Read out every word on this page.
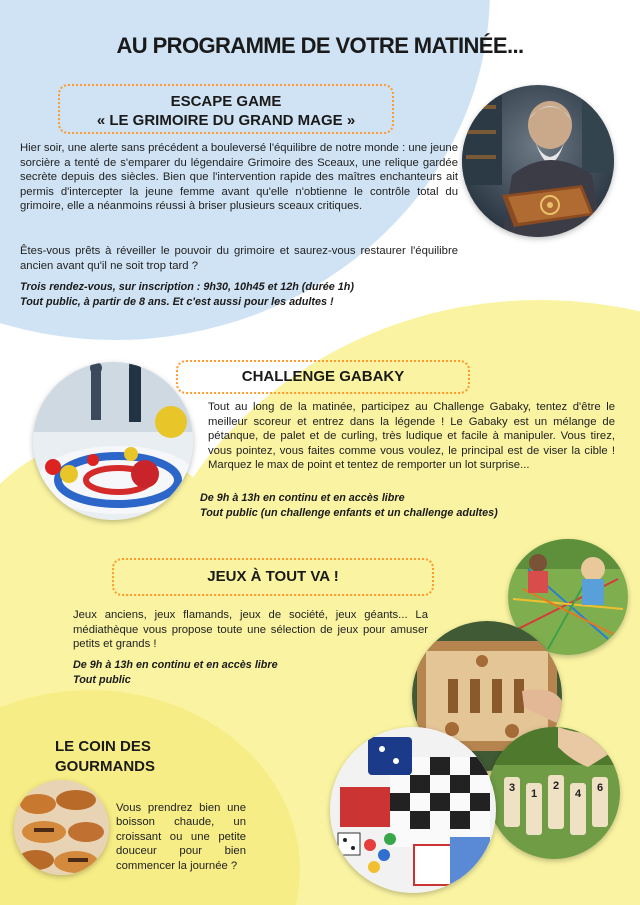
AU PROGRAMME DE VOTRE MATINÉE...
ESCAPE GAME
« LE GRIMOIRE DU GRAND MAGE »
Hier soir, une alerte sans précédent a bouleversé l'équilibre de notre monde : une jeune sorcière a tenté de s'emparer du légendaire Grimoire des Sceaux, une relique gardée secrète depuis des siècles. Bien que l'intervention rapide des maîtres enchanteurs ait permis d'intercepter la jeune femme avant qu'elle n'obtienne le contrôle total du grimoire, elle a néanmoins réussi à briser plusieurs sceaux critiques.
Êtes-vous prêts à réveiller le pouvoir du grimoire et saurez-vous restaurer l'équilibre ancien avant qu'il ne soit trop tard ?
Trois rendez-vous, sur inscription : 9h30, 10h45 et 12h (durée 1h)
Tout public, à partir de 8 ans. Et c'est aussi pour les adultes !
CHALLENGE GABAKY
Tout au long de la matinée, participez au Challenge Gabaky, tentez d'être le meilleur scoreur et entrez dans la légende ! Le Gabaky est un mélange de pétanque, de palet et de curling, très ludique et facile à manipuler. Vous tirez, vous pointez, vous faites comme vous voulez, le principal est de viser la cible ! Marquez le max de point et tentez de remporter un lot surprise...
De 9h à 13h en continu et en accès libre
Tout public (un challenge enfants et un challenge adultes)
JEUX À TOUT VA !
Jeux anciens, jeux flamands, jeux de société, jeux géants... La médiathèque vous propose toute une sélection de jeux pour amuser petits et grands !
De 9h à 13h en continu et en accès libre
Tout public
3 1
2
4 6
LE COIN DES
GOURMANDS
Vous prendrez bien une boisson chaude, un croissant ou une petite douceur pour bien commencer la journée ?
